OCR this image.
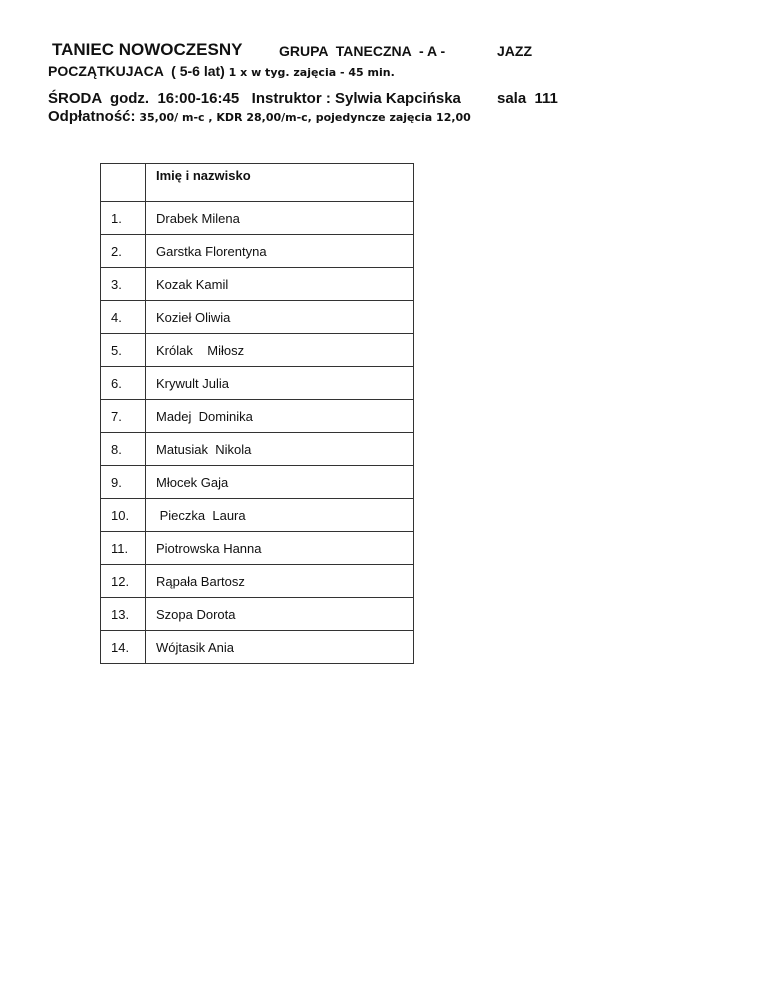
TANIEC NOWOCZESNY	GRUPA  TANECZNA  - A -	JAZZ
POCZĄTKUJACA  ( 5-6 lat) 1 x w tyg. zajęcia - 45 min.
ŚRODA  godz.  16:00-16:45   Instruktor : Sylwia Kapcińska sala  111
Odpłatność: 35,00/ m-c , KDR 28,00/m-c, pojedyncze zajęcia 12,00
	Imię i nazwisko
1.	Drabek Milena
2.	Garstka Florentyna
3.	Kozak Kamil
4.	Kozieł Oliwia
5.	Królak    Miłosz
6.	Krywult Julia
7.	Madej  Dominika
8.	Matusiak  Nikola
9.	Młocek Gaja
10.	Pieczka  Laura
11.	Piotrowska Hanna
12.	Rąpała Bartosz
13.	Szopa Dorota
14.	Wójtasik Ania
